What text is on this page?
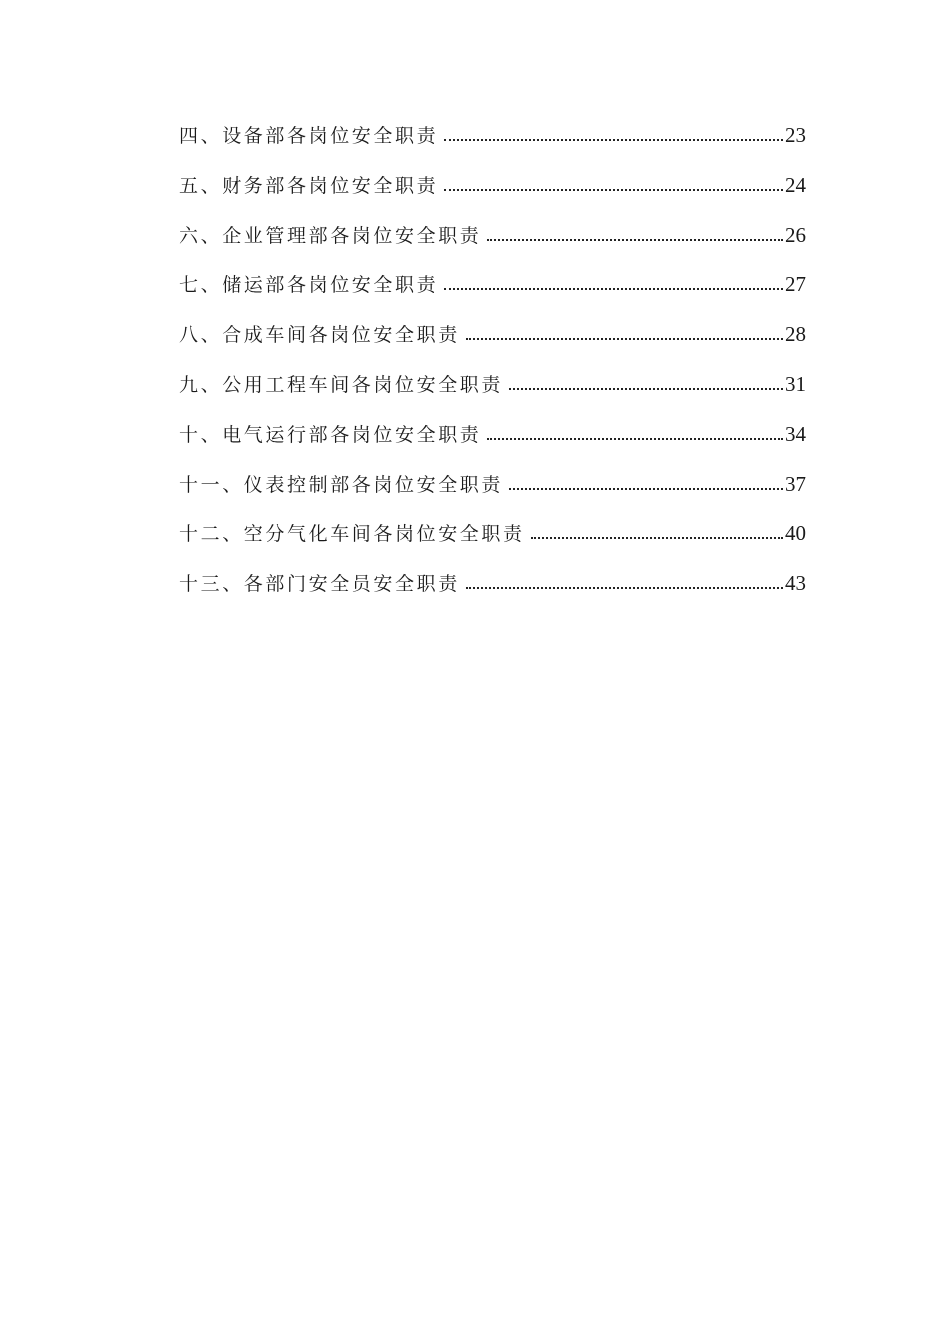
四、设备部各岗位安全职责	23
五、财务部各岗位安全职责	24
六、企业管理部各岗位安全职责	26
七、储运部各岗位安全职责	27
八、合成车间各岗位安全职责	28
九、公用工程车间各岗位安全职责	31
十、电气运行部各岗位安全职责	34
十一、仪表控制部各岗位安全职责	37
十二、空分气化车间各岗位安全职责	40
十三、各部门安全员安全职责	43
